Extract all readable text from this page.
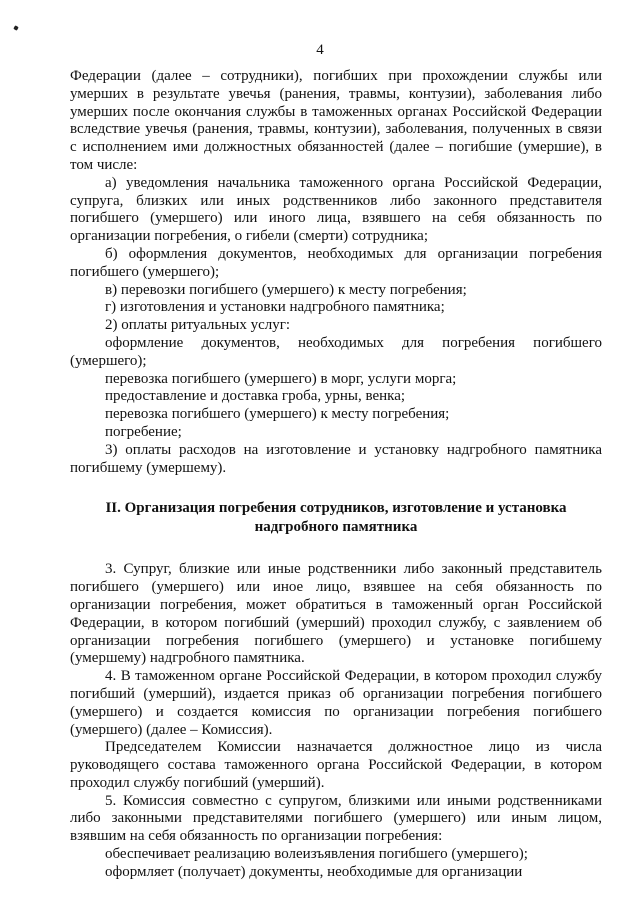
4

Федерации (далее – сотрудники), погибших при прохождении службы или умерших в результате увечья (ранения, травмы, контузии), заболевания либо умерших после окончания службы в таможенных органах Российской Федерации вследствие увечья (ранения, травмы, контузии), заболевания, полученных в связи с исполнением ими должностных обязанностей (далее – погибшие (умершие), в том числе:

а) уведомления начальника таможенного органа Российской Федерации, супруга, близких или иных родственников либо законного представителя погибшего (умершего) или иного лица, взявшего на себя обязанность по организации погребения, о гибели (смерти) сотрудника;

б) оформления документов, необходимых для организации погребения погибшего (умершего);

в) перевозки погибшего (умершего) к месту погребения;

г) изготовления и установки надгробного памятника;

2) оплаты ритуальных услуг:

оформление документов, необходимых для погребения погибшего (умершего);

перевозка погибшего (умершего) в морг, услуги морга;

предоставление и доставка гроба, урны, венка;

перевозка погибшего (умершего) к месту погребения;

погребение;

3) оплаты расходов на изготовление и установку надгробного памятника погибшему (умершему).

II. Организация погребения сотрудников, изготовление и установка надгробного памятника

3. Супруг, близкие или иные родственники либо законный представитель погибшего (умершего) или иное лицо, взявшее на себя обязанность по организации погребения, может обратиться в таможенный орган Российской Федерации, в котором погибший (умерший) проходил службу, с заявлением об организации погребения погибшего (умершего) и установке погибшему (умершему) надгробного памятника.

4. В таможенном органе Российской Федерации, в котором проходил службу погибший (умерший), издается приказ об организации погребения погибшего (умершего) и создается комиссия по организации погребения погибшего (умершего) (далее – Комиссия).

Председателем Комиссии назначается должностное лицо из числа руководящего состава таможенного органа Российской Федерации, в котором проходил службу погибший (умерший).

5. Комиссия совместно с супругом, близкими или иными родственниками либо законными представителями погибшего (умершего) или иным лицом, взявшим на себя обязанность по организации погребения:

обеспечивает реализацию волеизъявления погибшего (умершего);

оформляет (получает) документы, необходимые для организации
